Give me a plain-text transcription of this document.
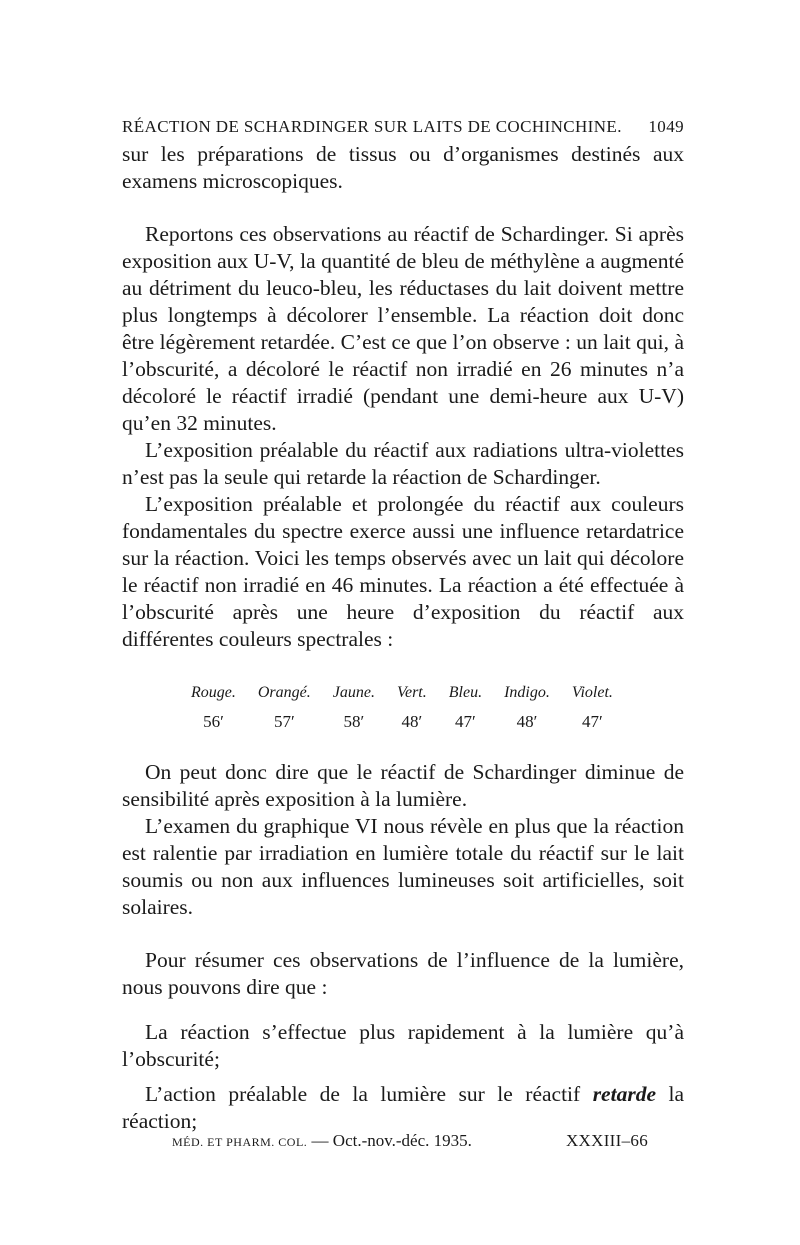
RÉACTION DE SCHARDINGER SUR LAITS DE COCHINCHINE. 1049

sur les préparations de tissus ou d’organismes destinés aux examens microscopiques.

Reportons ces observations au réactif de Schardinger. Si après exposition aux U-V, la quantité de bleu de méthylène a augmenté au détriment du leuco-bleu, les réductases du lait doivent mettre plus longtemps à décolorer l’ensemble. La réaction doit donc être légèrement retardée. C’est ce que l’on observe : un lait qui, à l’obscurité, a décoloré le réactif non irradié en 26 minutes n’a décoloré le réactif irradié (pendant une demi-heure aux U-V) qu’en 32 minutes.

L’exposition préalable du réactif aux radiations ultra-violettes n’est pas la seule qui retarde la réaction de Schardinger.

L’exposition préalable et prolongée du réactif aux couleurs fondamentales du spectre exerce aussi une influence retardatrice sur la réaction. Voici les temps observés avec un lait qui décolore le réactif non irradié en 46 minutes. La réaction a été effectuée à l’obscurité après une heure d’exposition du réactif aux différentes couleurs spectrales :

Rouge.	Orangé.	Jaune.	Vert.	Bleu.	Indigo.	Violet.
56′	57′	58′	48′	47′	48′	47′

On peut donc dire que le réactif de Schardinger diminue de sensibilité après exposition à la lumière.

L’examen du graphique VI nous révèle en plus que la réaction est ralentie par irradiation en lumière totale du réactif sur le lait soumis ou non aux influences lumineuses soit artificielles, soit solaires.

Pour résumer ces observations de l’influence de la lumière, nous pouvons dire que :

La réaction s’effectue plus rapidement à la lumière qu’à l’obscurité;

L’action préalable de la lumière sur le réactif retarde la réaction;

MÉD. ET PHARM. COL. — Oct.-nov.-déc. 1935.	XXXIII–66
